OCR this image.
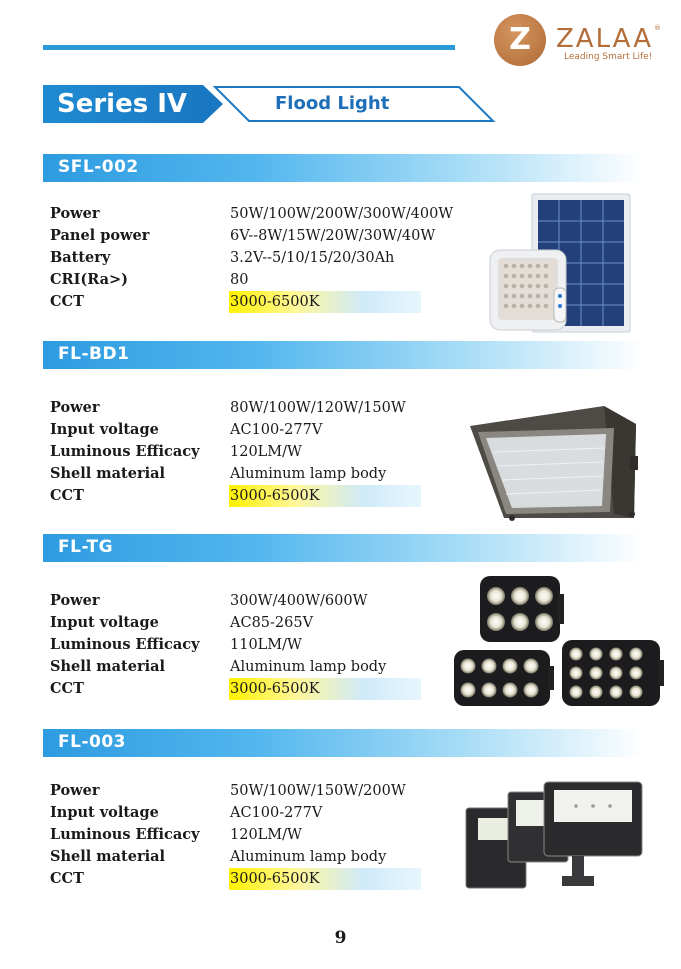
Z ZALAA ®
Leading Smart Life!
Series IV	Flood Light
SFL-002
Power	50W/100W/200W/300W/400W
Panel power	6V--8W/15W/20W/30W/40W
Battery	3.2V--5/10/15/20/30Ah
CRI(Ra>)	80
CCT	3000-6500K
FL-BD1
Power	80W/100W/120W/150W
Input voltage	AC100-277V
Luminous Efficacy 120LM/W
Shell material	Aluminum lamp body
CCT	3000-6500K
FL-TG
Power	300W/400W/600W
Input voltage	AC85-265V
Luminous Efficacy 110LM/W
Shell material	Aluminum lamp body
CCT	3000-6500K
FL-003
Power	50W/100W/150W/200W
Input voltage	AC100-277V
Luminous Efficacy 120LM/W
Shell material	Aluminum lamp body
CCT	3000-6500K
9
